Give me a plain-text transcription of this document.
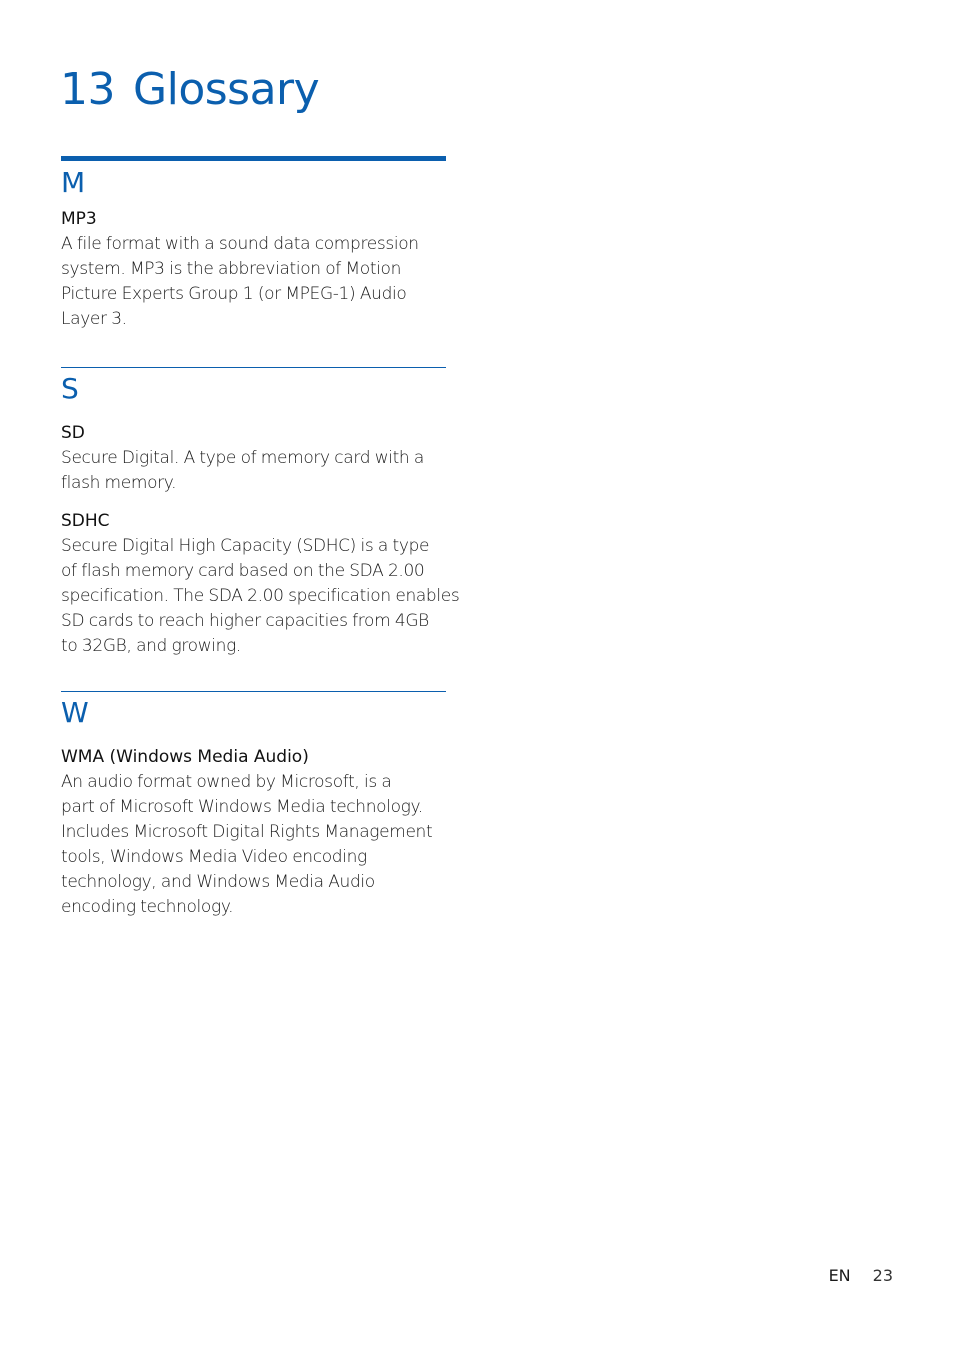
13 Glossary
M
MP3
A file format with a sound data compression
system. MP3 is the abbreviation of Motion
Picture Experts Group 1 (or MPEG-1) Audio
Layer 3.
S
SD
Secure Digital. A type of memory card with a
flash memory.
SDHC
Secure Digital High Capacity (SDHC) is a type
of flash memory card based on the SDA 2.00
specification. The SDA 2.00 specification enables
SD cards to reach higher capacities from 4GB
to 32GB, and growing.
W
WMA (Windows Media Audio)
An audio format owned by Microsoft, is a
part of Microsoft Windows Media technology.
Includes Microsoft Digital Rights Management
tools, Windows Media Video encoding
technology, and Windows Media Audio
encoding technology.
EN 23
